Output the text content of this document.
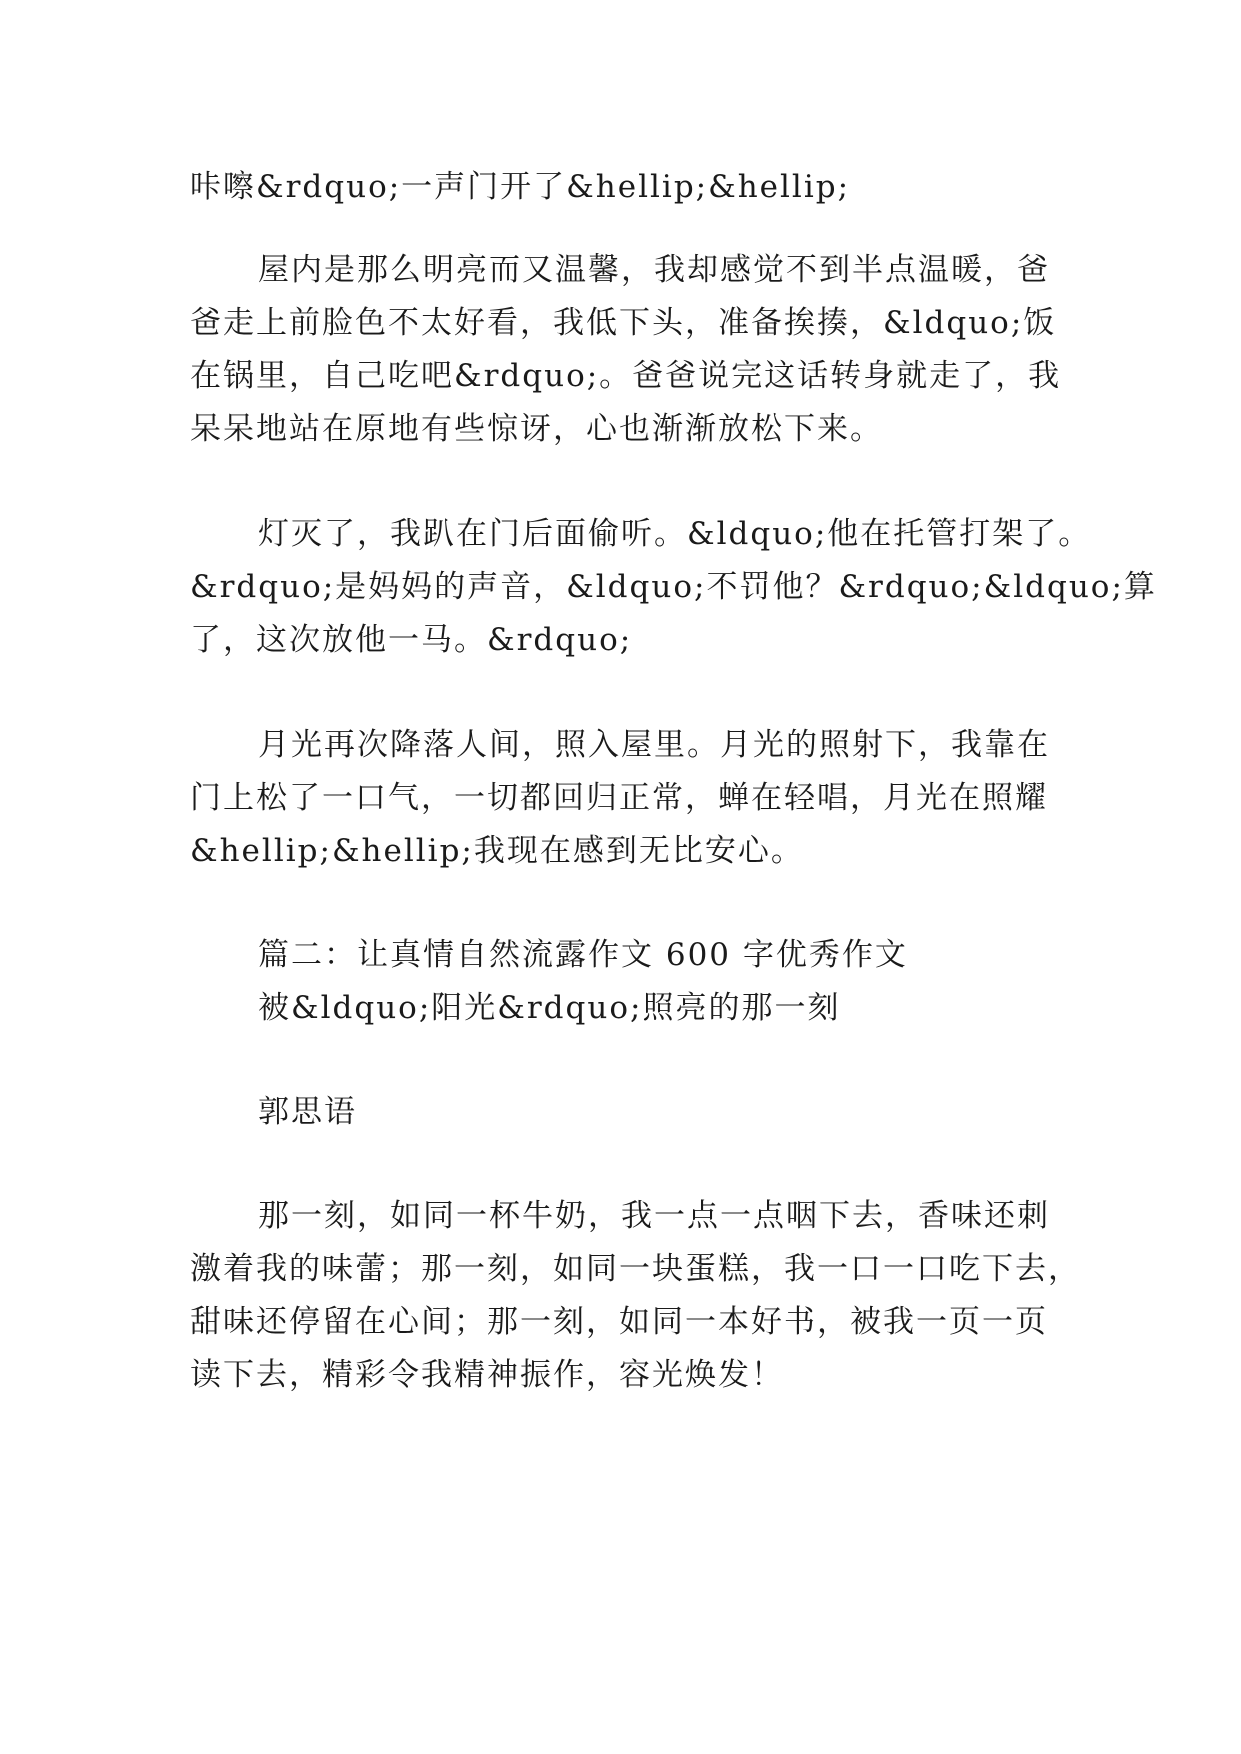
咔嚓&rdquo;一声门开了&hellip;&hellip;
屋内是那么明亮而又温馨，我却感觉不到半点温暖，爸
爸走上前脸色不太好看，我低下头，准备挨揍，&ldquo;饭
在锅里，自己吃吧&rdquo;。爸爸说完这话转身就走了，我
呆呆地站在原地有些惊讶，心也渐渐放松下来。
灯灭了，我趴在门后面偷听。&ldquo;他在托管打架了。
&rdquo;是妈妈的声音，&ldquo;不罚他？&rdquo;&ldquo;算
了，这次放他一马。&rdquo;
月光再次降落人间，照入屋里。月光的照射下，我靠在
门上松了一口气，一切都回归正常，蝉在轻唱，月光在照耀
&hellip;&hellip;我现在感到无比安心。
篇二：让真情自然流露作文 600 字优秀作文
被&ldquo;阳光&rdquo;照亮的那一刻
郭思语
那一刻，如同一杯牛奶，我一点一点咽下去，香味还刺
激着我的味蕾；那一刻，如同一块蛋糕，我一口一口吃下去，
甜味还停留在心间；那一刻，如同一本好书，被我一页一页
读下去，精彩令我精神振作，容光焕发！
